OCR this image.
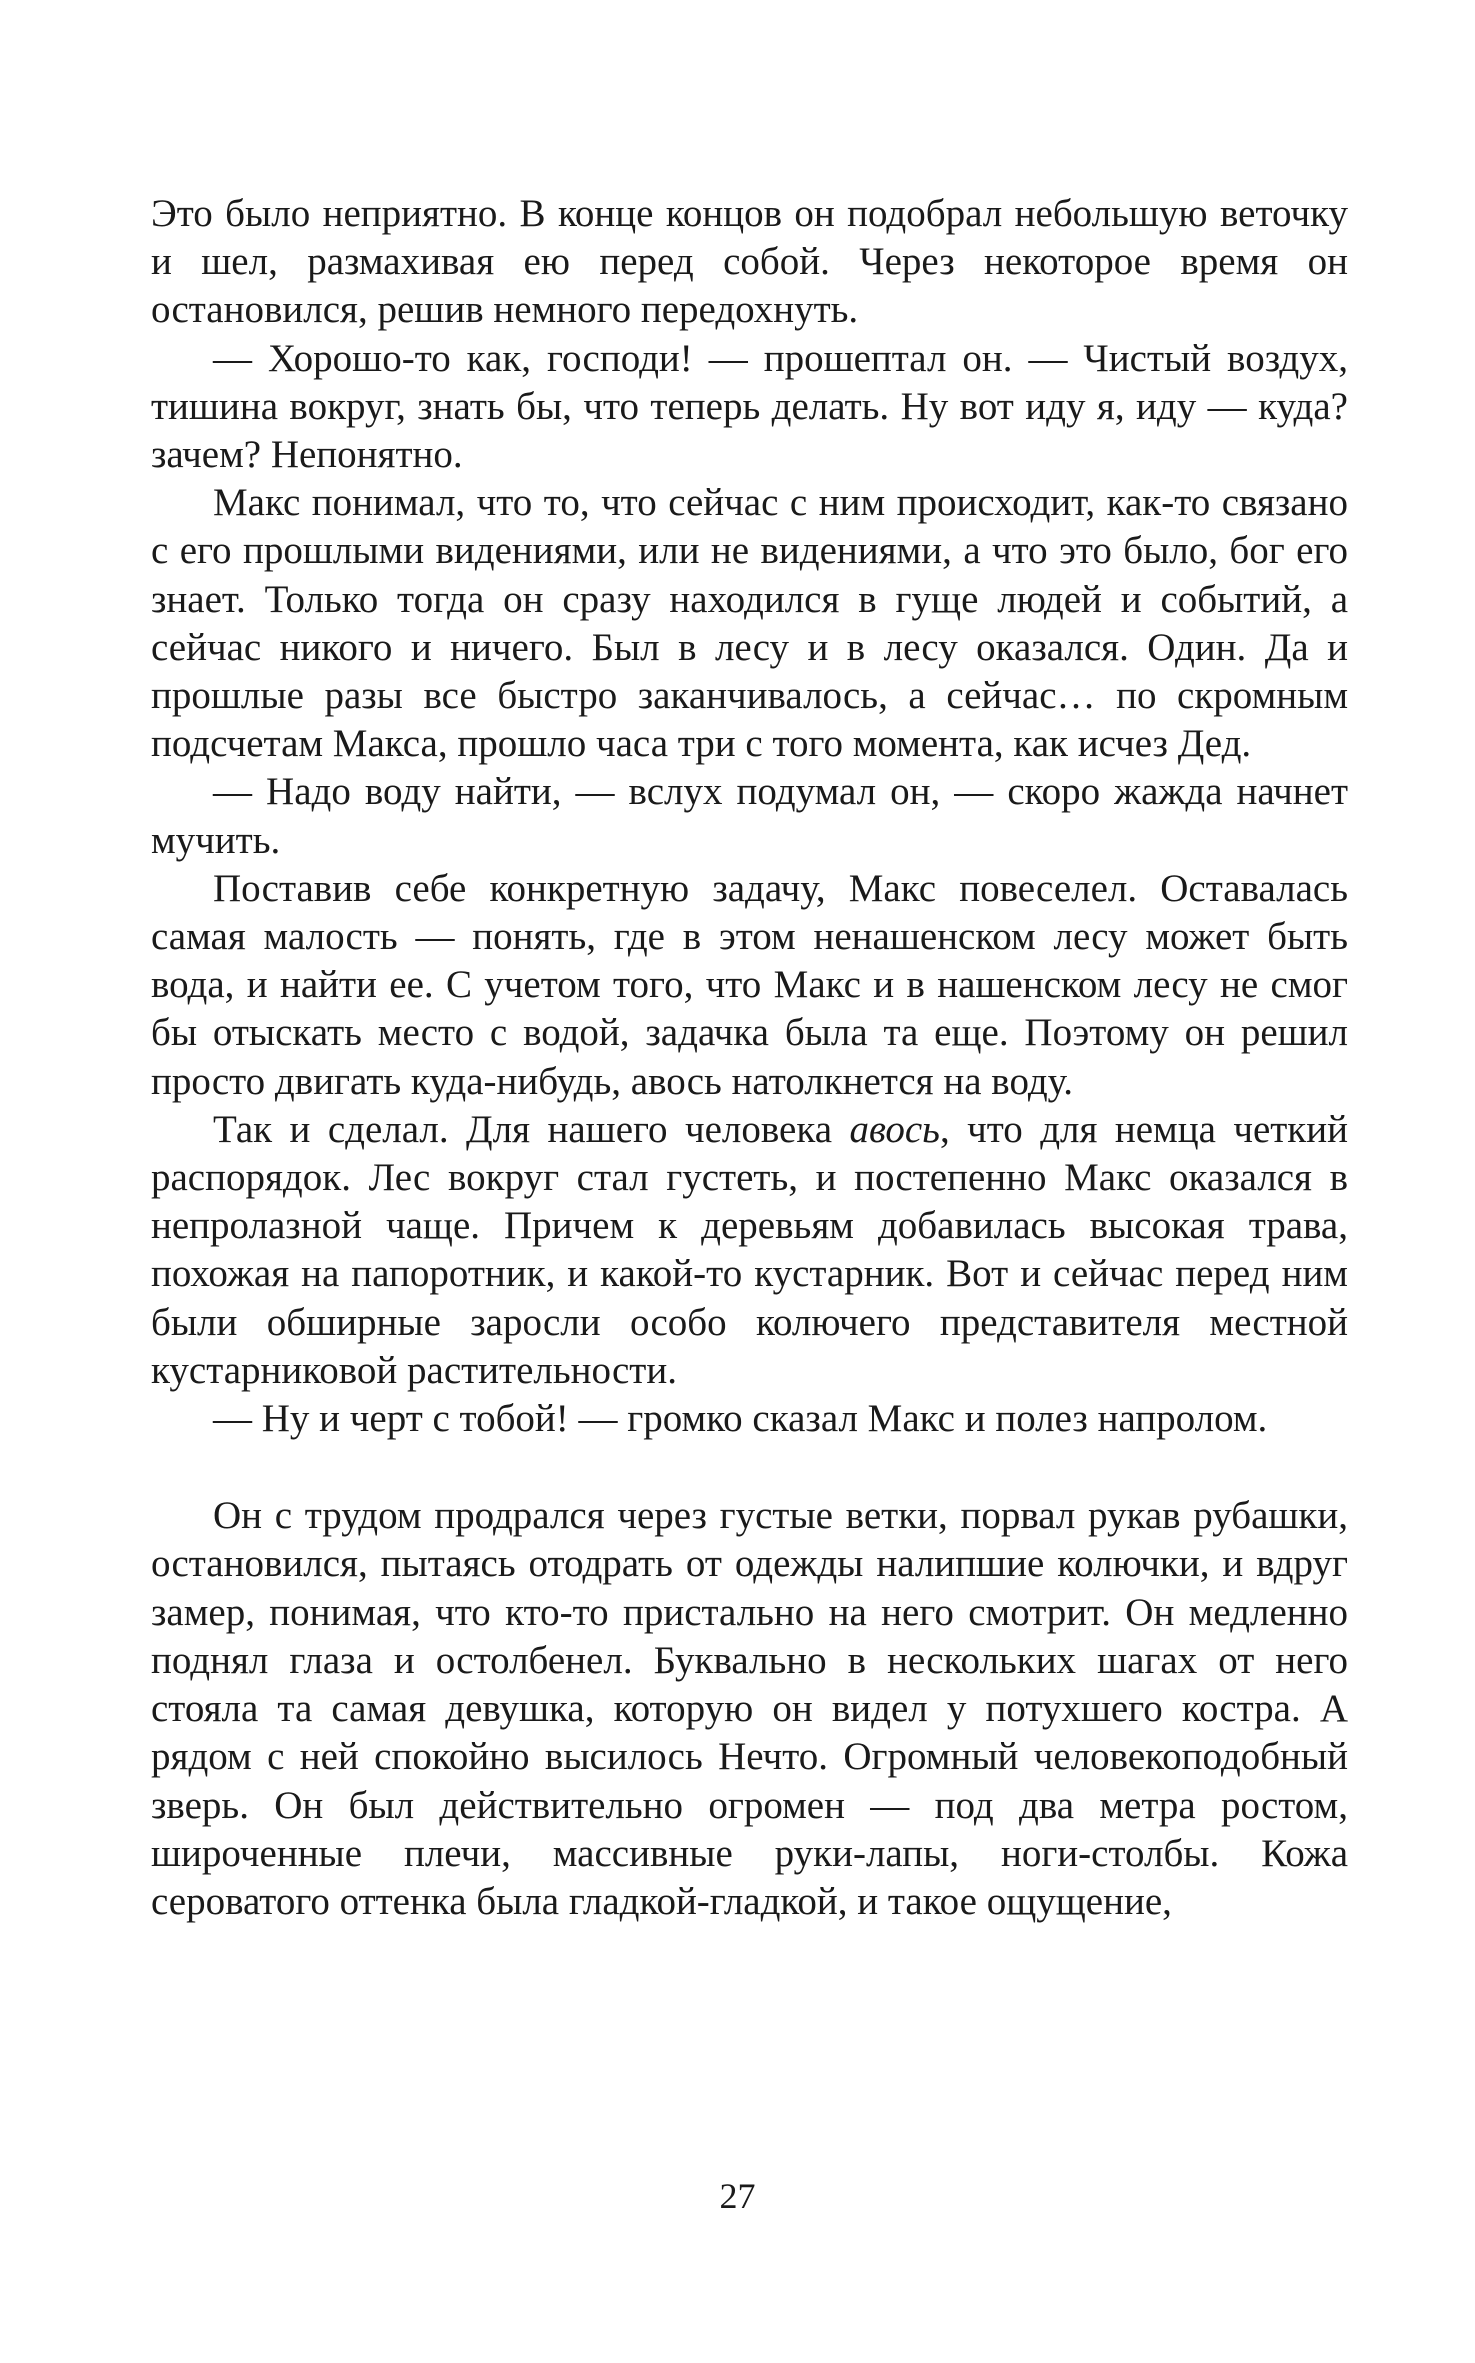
Это было неприятно. В конце концов он подобрал небольшую веточку и шел, размахивая ею перед собой. Через некоторое время он остановился, решив немного передохнуть.

— Хорошо-то как, господи! — прошептал он. — Чистый воздух, тишина вокруг, знать бы, что теперь делать. Ну вот иду я, иду — куда? зачем? Непонятно.

Макс понимал, что то, что сейчас с ним происходит, как-то связано с его прошлыми видениями, или не видениями, а что это было, бог его знает. Только тогда он сразу находился в гуще людей и событий, а сейчас никого и ничего. Был в лесу и в лесу оказался. Один. Да и прошлые разы все быстро заканчивалось, а сейчас… по скромным подсчетам Макса, прошло часа три с того момента, как исчез Дед.

— Надо воду найти, — вслух подумал он, — скоро жажда начнет мучить.

Поставив себе конкретную задачу, Макс повеселел. Оставалась самая малость — понять, где в этом ненашенском лесу может быть вода, и найти ее. С учетом того, что Макс и в нашенском лесу не смог бы отыскать место с водой, задачка была та еще. Поэтому он решил просто двигать куда-нибудь, авось натолкнется на воду.

Так и сделал. Для нашего человека авось, что для немца четкий распорядок. Лес вокруг стал густеть, и постепенно Макс оказался в непролазной чаще. Причем к деревьям добавилась высокая трава, похожая на папоротник, и какой-то кустарник. Вот и сейчас перед ним были обширные заросли особо колючего представителя местной кустарниковой растительности.

— Ну и черт с тобой! — громко сказал Макс и полез напролом.

Он с трудом продрался через густые ветки, порвал рукав рубашки, остановился, пытаясь отодрать от одежды налипшие колючки, и вдруг замер, понимая, что кто-то пристально на него смотрит. Он медленно поднял глаза и остолбенел. Буквально в нескольких шагах от него стояла та самая девушка, которую он видел у потухшего костра. А рядом с ней спокойно высилось Нечто. Огромный человекоподобный зверь. Он был действительно огромен — под два метра ростом, широченные плечи, массивные руки-лапы, ноги-столбы. Кожа сероватого оттенка была гладкой-гладкой, и такое ощущение,

27
